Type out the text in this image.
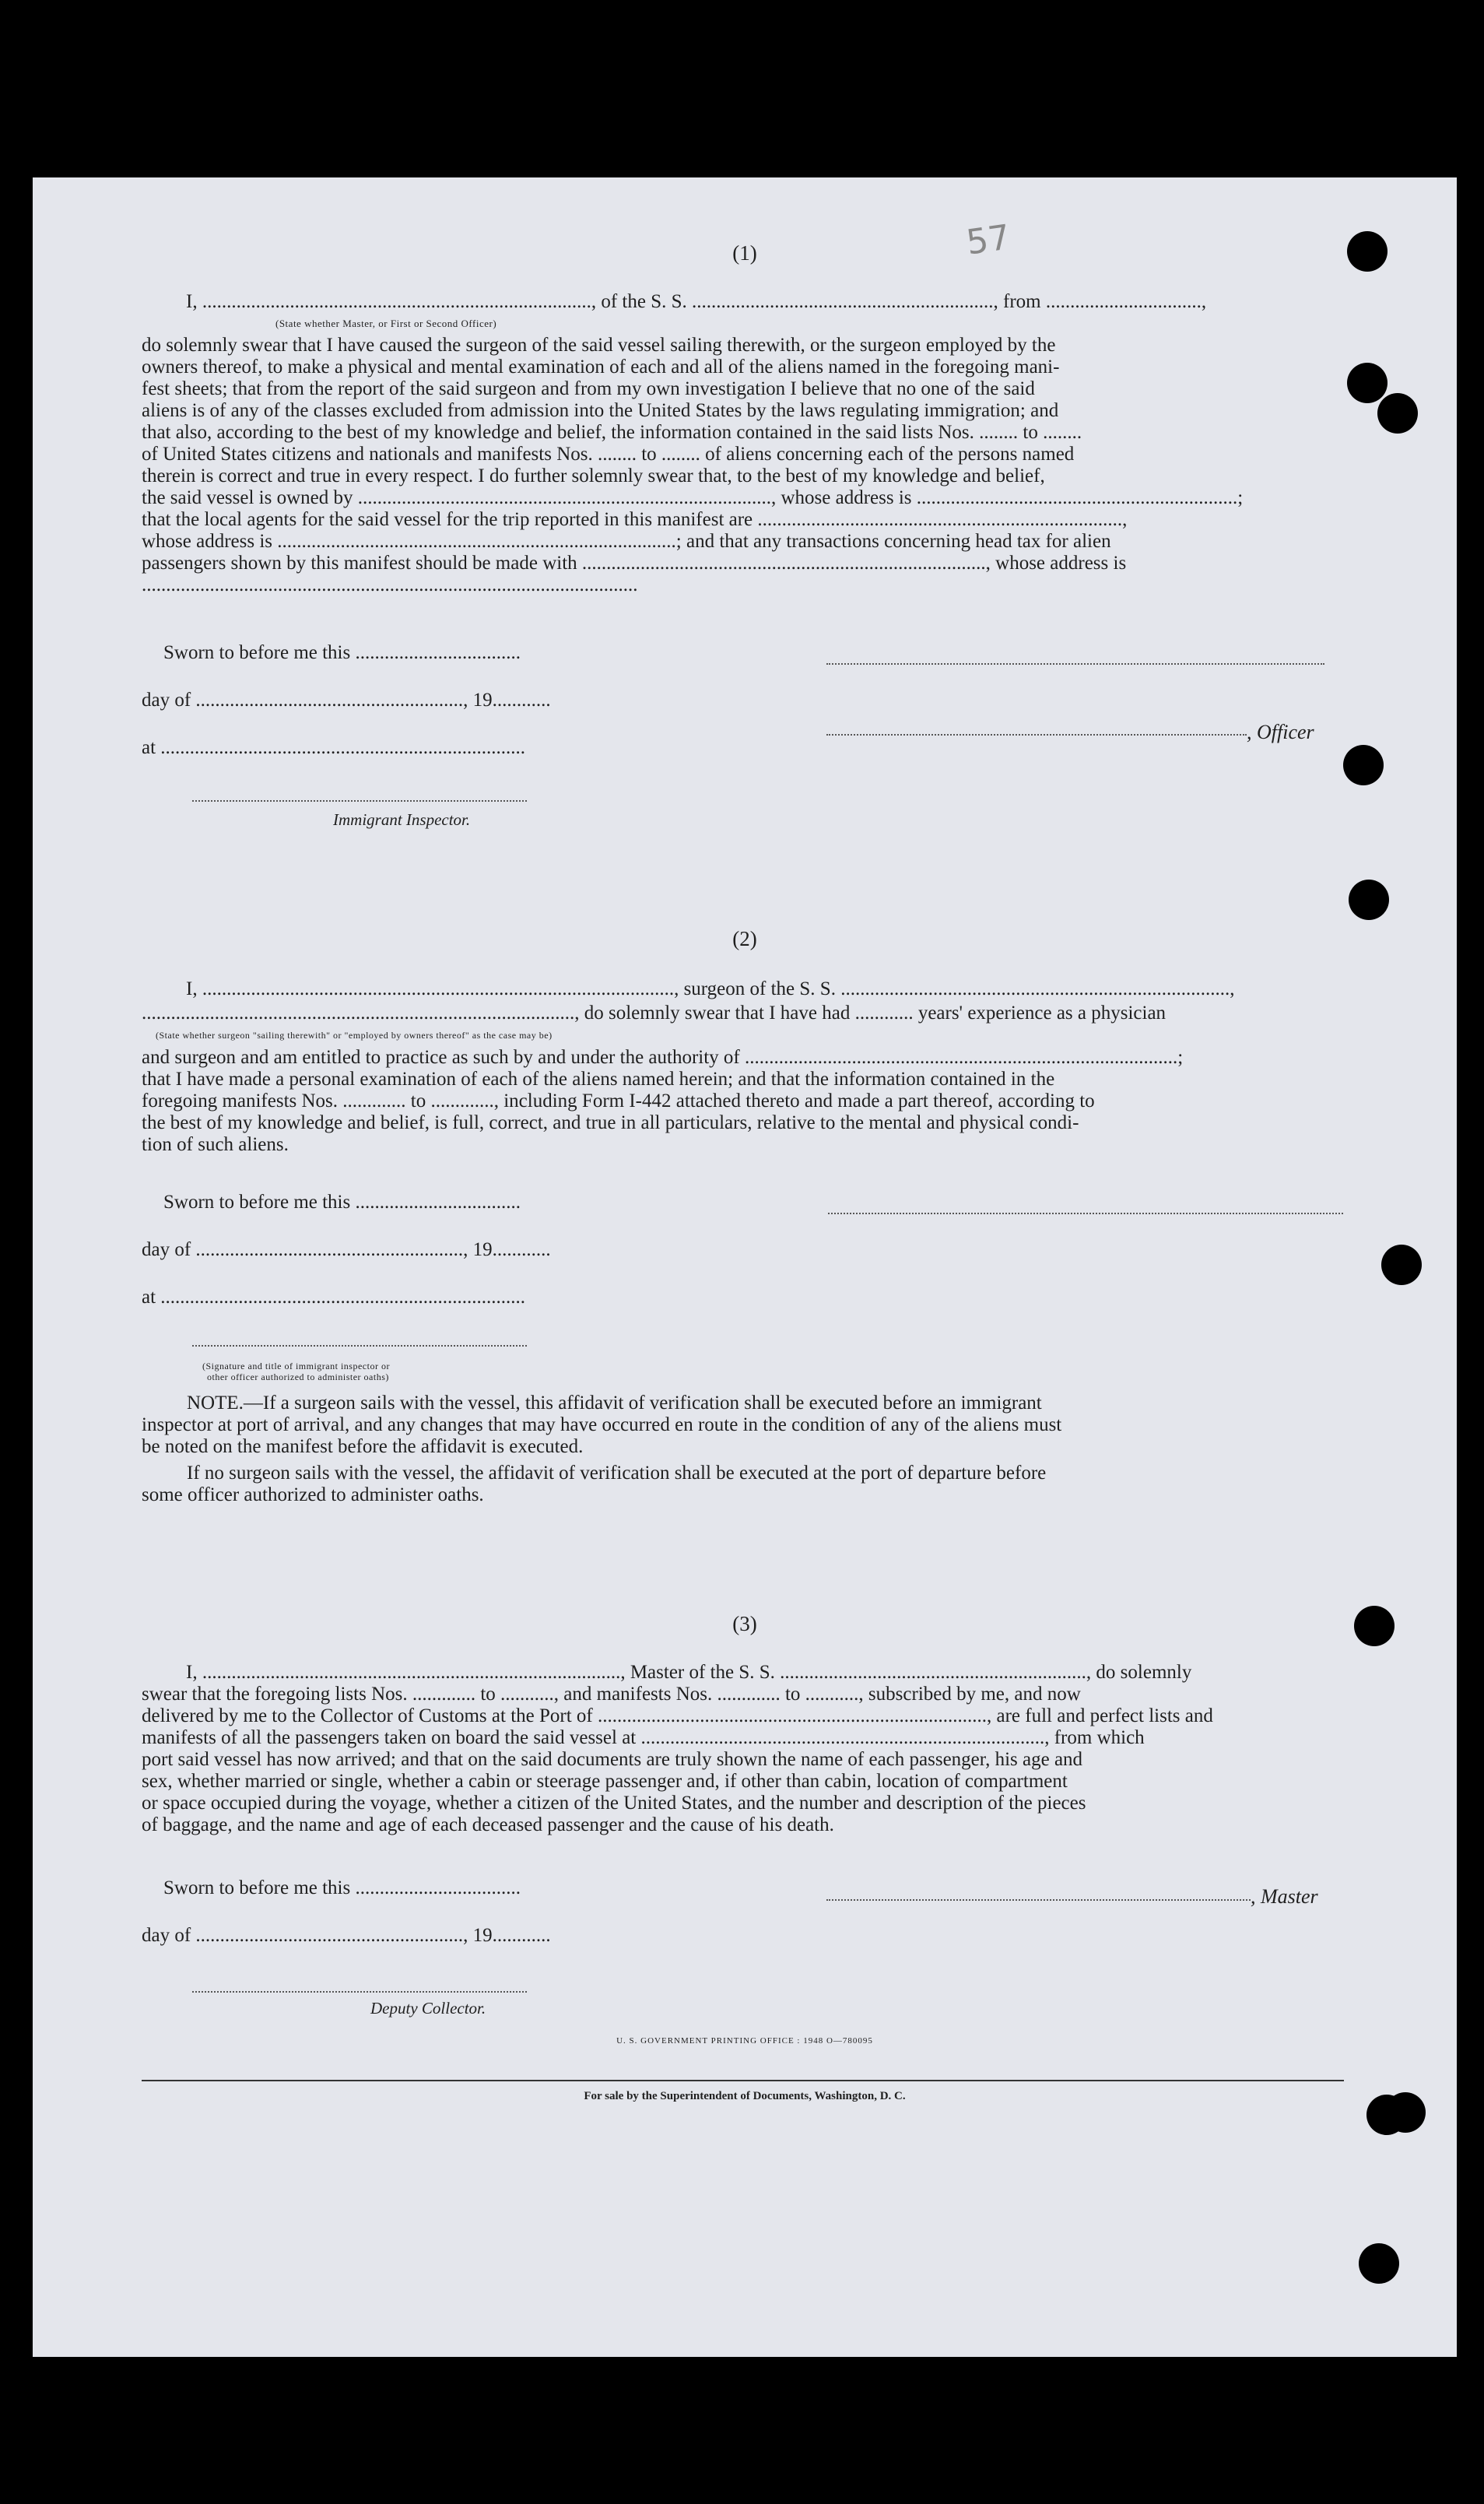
(1)	57
I, ................................................................................, of the S. S. .............................................................., from ................................,
(State whether Master, or First or Second Officer)
do solemnly swear that I have caused the surgeon of the said vessel sailing therewith, or the surgeon employed by the
owners thereof, to make a physical and mental examination of each and all of the aliens named in the foregoing mani-
fest sheets; that from the report of the said surgeon and from my own investigation I believe that no one of the said
aliens is of any of the classes excluded from admission into the United States by the laws regulating immigration; and
that also, according to the best of my knowledge and belief, the information contained in the said lists Nos. ........ to ........
of United States citizens and nationals and manifests Nos. ........ to ........ of aliens concerning each of the persons named
therein is correct and true in every respect. I do further solemnly swear that, to the best of my knowledge and belief,
the said vessel is owned by ....................................................................................., whose address is ..................................................................;
that the local agents for the said vessel for the trip reported in this manifest are ...........................................................................,
whose address is ..................................................................................; and that any transactions concerning head tax for alien
passengers shown by this manifest should be made with ..................................................................................., whose address is
......................................................................................................
Sworn to before me this ..................................
day of ......................................................., 19............
at ...........................................................................
, Officer
Immigrant Inspector.
(2)
I, ................................................................................................., surgeon of the S. S. ................................................................................,
........................................................................................., do solemnly swear that I have had ............ years' experience as a physician
(State whether surgeon "sailing therewith" or "employed by owners thereof" as the case may be)
and surgeon and am entitled to practice as such by and under the authority of .........................................................................................;
that I have made a personal examination of each of the aliens named herein; and that the information contained in the
foregoing manifests Nos. ............. to ............., including Form I-442 attached thereto and made a part thereof, according to
the best of my knowledge and belief, is full, correct, and true in all particulars, relative to the mental and physical condi-
tion of such aliens.
Sworn to before me this ..................................
day of ......................................................., 19............
at ...........................................................................
(Signature and title of immigrant inspector or
other officer authorized to administer oaths)
NOTE.—If a surgeon sails with the vessel, this affidavit of verification shall be executed before an immigrant
inspector at port of arrival, and any changes that may have occurred en route in the condition of any of the aliens must
be noted on the manifest before the affidavit is executed.
If no surgeon sails with the vessel, the affidavit of verification shall be executed at the port of departure before
some officer authorized to administer oaths.
(3)
I, ......................................................................................, Master of the S. S. ..............................................................., do solemnly
swear that the foregoing lists Nos. ............. to ..........., and manifests Nos. ............. to ..........., subscribed by me, and now
delivered by me to the Collector of Customs at the Port of ................................................................................, are full and perfect lists and
manifests of all the passengers taken on board the said vessel at ..................................................................................., from which
port said vessel has now arrived; and that on the said documents are truly shown the name of each passenger, his age and
sex, whether married or single, whether a cabin or steerage passenger and, if other than cabin, location of compartment
or space occupied during the voyage, whether a citizen of the United States, and the number and description of the pieces
of baggage, and the name and age of each deceased passenger and the cause of his death.
Sworn to before me this ..................................
day of ......................................................., 19............
, Master
Deputy Collector.
U. S. GOVERNMENT PRINTING OFFICE : 1948 O—780095
For sale by the Superintendent of Documents, Washington, D. C.
